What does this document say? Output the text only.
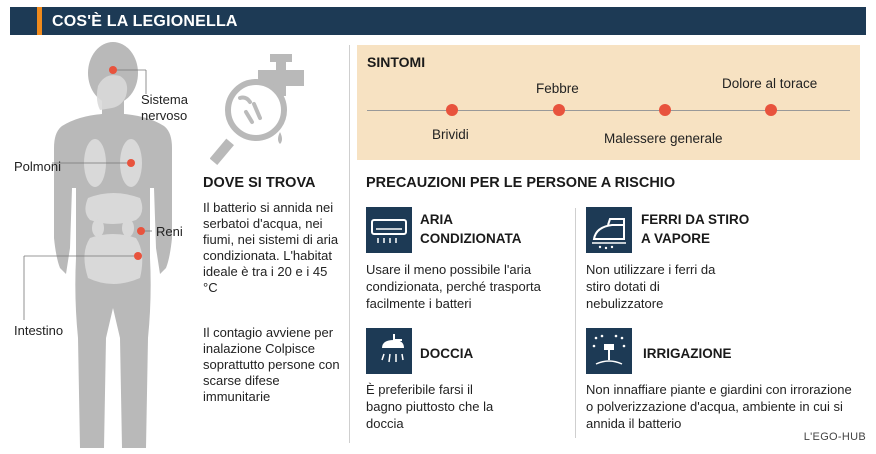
COS'È LA LEGIONELLA
Sistema
nervoso
Polmoni
Reni
Intestino
DOVE SI TROVA
Il batterio si annida nei serbatoi d'acqua, nei fiumi, nei sistemi di aria condizionata. L'habitat ideale è tra i 20 e i 45 °C
Il contagio avviene per inalazione Colpisce soprattutto persone con scarse difese immunitarie
SINTOMI
Brividi
Febbre
Malessere generale
Dolore al torace
PRECAUZIONI PER LE PERSONE A RISCHIO
ARIA
CONDIZIONATA
Usare il meno possibile l'aria condizionata, perché trasporta facilmente i batteri
FERRI DA STIRO
A VAPORE
Non utilizzare i ferri da stiro dotati di nebulizzatore
DOCCIA
È preferibile farsi il bagno piuttosto che la doccia
IRRIGAZIONE
Non innaffiare piante e giardini con irrorazione o polverizzazione d'acqua, ambiente in cui si annida il batterio
L'EGO-HUB
